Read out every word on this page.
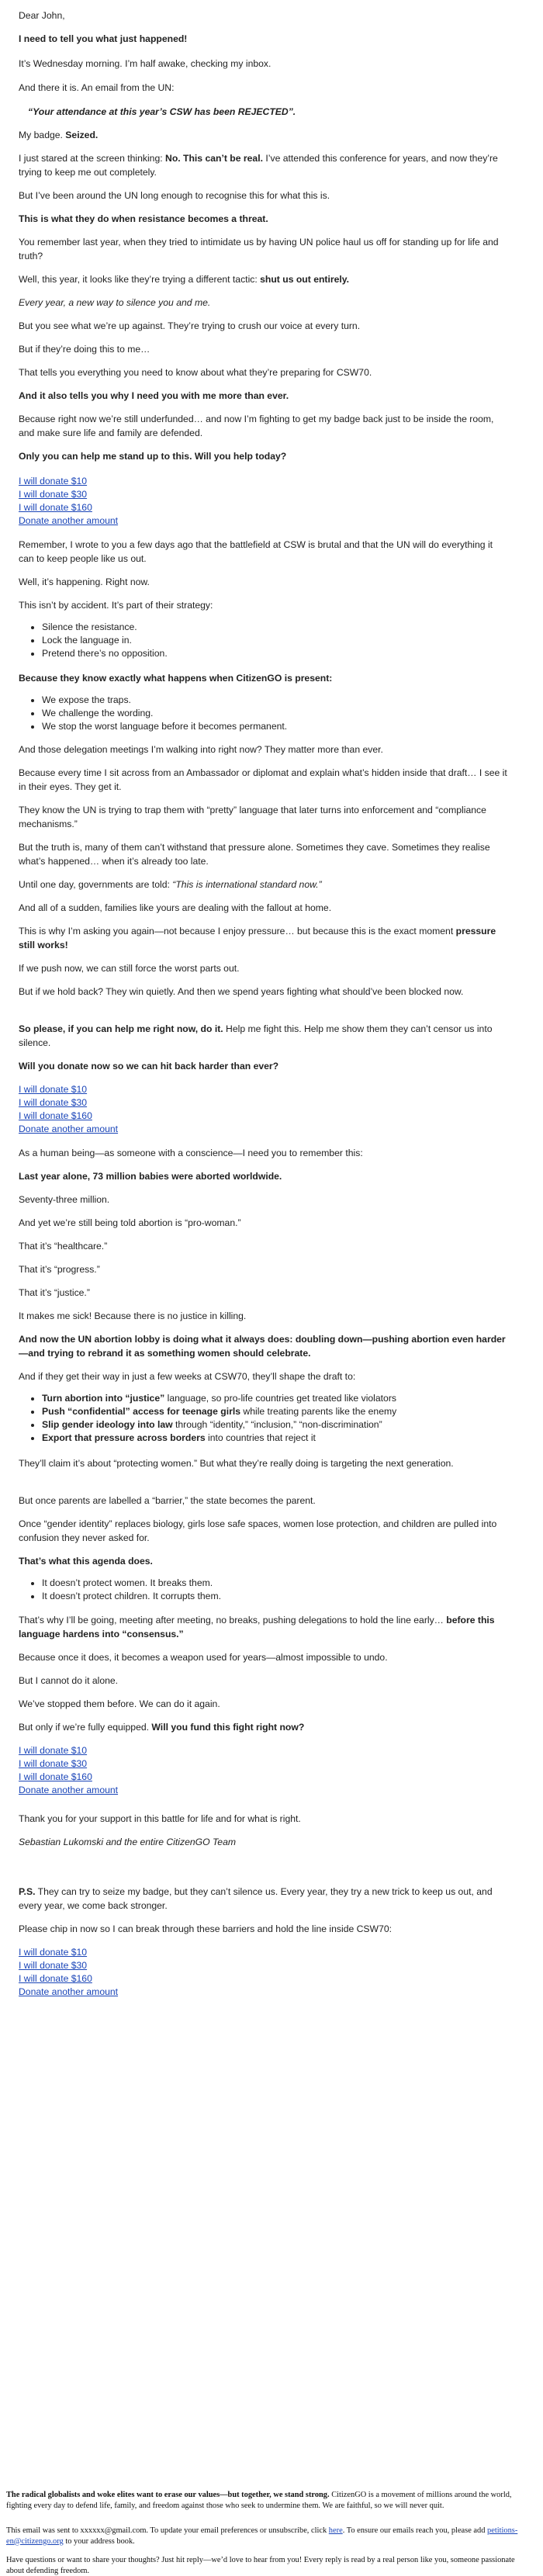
Dear John,

I need to tell you what just happened!

It’s Wednesday morning. I’m half awake, checking my inbox.

And there it is. An email from the UN:

“Your attendance at this year’s CSW has been REJECTED”.

My badge. Seized.

I just stared at the screen thinking: No. This can’t be real. I’ve attended this conference for years, and now they’re trying to keep me out completely.

But I’ve been around the UN long enough to recognise this for what this is.

This is what they do when resistance becomes a threat.

You remember last year, when they tried to intimidate us by having UN police haul us off for standing up for life and truth?

Well, this year, it looks like they’re trying a different tactic: shut us out entirely.

Every year, a new way to silence you and me.

But you see what we’re up against. They’re trying to crush our voice at every turn.

But if they’re doing this to me…

That tells you everything you need to know about what they’re preparing for CSW70.

And it also tells you why I need you with me more than ever.

Because right now we’re still underfunded… and now I’m fighting to get my badge back just to be inside the room, and make sure life and family are defended.

Only you can help me stand up to this. Will you help today?

I will donate $10
I will donate $30
I will donate $160
Donate another amount

Remember, I wrote to you a few days ago that the battlefield at CSW is brutal and that the UN will do everything it can to keep people like us out.

Well, it’s happening. Right now.

This isn’t by accident. It’s part of their strategy:

• Silence the resistance.
• Lock the language in.
• Pretend there’s no opposition.

Because they know exactly what happens when CitizenGO is present:

• We expose the traps.
• We challenge the wording.
• We stop the worst language before it becomes permanent.

And those delegation meetings I’m walking into right now? They matter more than ever.

Because every time I sit across from an Ambassador or diplomat and explain what’s hidden inside that draft… I see it in their eyes. They get it.

They know the UN is trying to trap them with “pretty” language that later turns into enforcement and “compliance mechanisms.”

But the truth is, many of them can’t withstand that pressure alone. Sometimes they cave. Sometimes they realise what’s happened… when it’s already too late.

Until one day, governments are told: “This is international standard now.”

And all of a sudden, families like yours are dealing with the fallout at home.

This is why I’m asking you again—not because I enjoy pressure… but because this is the exact moment pressure still works!

If we push now, we can still force the worst parts out.

But if we hold back? They win quietly. And then we spend years fighting what should’ve been blocked now.

So please, if you can help me right now, do it. Help me fight this. Help me show them they can’t censor us into silence.

Will you donate now so we can hit back harder than ever?

I will donate $10
I will donate $30
I will donate $160
Donate another amount

As a human being—as someone with a conscience—I need you to remember this:

Last year alone, 73 million babies were aborted worldwide.

Seventy-three million.

And yet we’re still being told abortion is “pro-woman.”

That it’s “healthcare.”

That it’s “progress.”

That it’s “justice.”

It makes me sick! Because there is no justice in killing.

And now the UN abortion lobby is doing what it always does: doubling down—pushing abortion even harder—and trying to rebrand it as something women should celebrate.

And if they get their way in just a few weeks at CSW70, they’ll shape the draft to:

• Turn abortion into “justice” language, so pro-life countries get treated like violators
• Push “confidential” access for teenage girls while treating parents like the enemy
• Slip gender ideology into law through “identity,” “inclusion,” “non-discrimination”
• Export that pressure across borders into countries that reject it

They’ll claim it’s about “protecting women.” But what they’re really doing is targeting the next generation.

But once parents are labelled a “barrier,” the state becomes the parent.

Once “gender identity” replaces biology, girls lose safe spaces, women lose protection, and children are pulled into confusion they never asked for.

That’s what this agenda does.

• It doesn’t protect women. It breaks them.
• It doesn’t protect children. It corrupts them.

That’s why I’ll be going, meeting after meeting, no breaks, pushing delegations to hold the line early… before this language hardens into “consensus.”

Because once it does, it becomes a weapon used for years—almost impossible to undo.

But I cannot do it alone.

We’ve stopped them before. We can do it again.

But only if we’re fully equipped. Will you fund this fight right now?

I will donate $10
I will donate $30
I will donate $160
Donate another amount

Thank you for your support in this battle for life and for what is right.

Sebastian Lukomski and the entire CitizenGO Team

P.S. They can try to seize my badge, but they can’t silence us. Every year, they try a new trick to keep us out, and every year, we come back stronger.

Please chip in now so I can break through these barriers and hold the line inside CSW70:

I will donate $10
I will donate $30
I will donate $160
Donate another amount

The radical globalists and woke elites want to erase our values—but together, we stand strong. CitizenGO is a movement of millions around the world, fighting every day to defend life, family, and freedom against those who seek to undermine them. We are faithful, so we will never quit.

This email was sent to xxxxxx@gmail.com. To update your email preferences or unsubscribe, click here. To ensure our emails reach you, please add petitions-en@citizengo.org to your address book.

Have questions or want to share your thoughts? Just hit reply—we’d love to hear from you! Every reply is read by a real person like you, someone passionate about defending freedom.
